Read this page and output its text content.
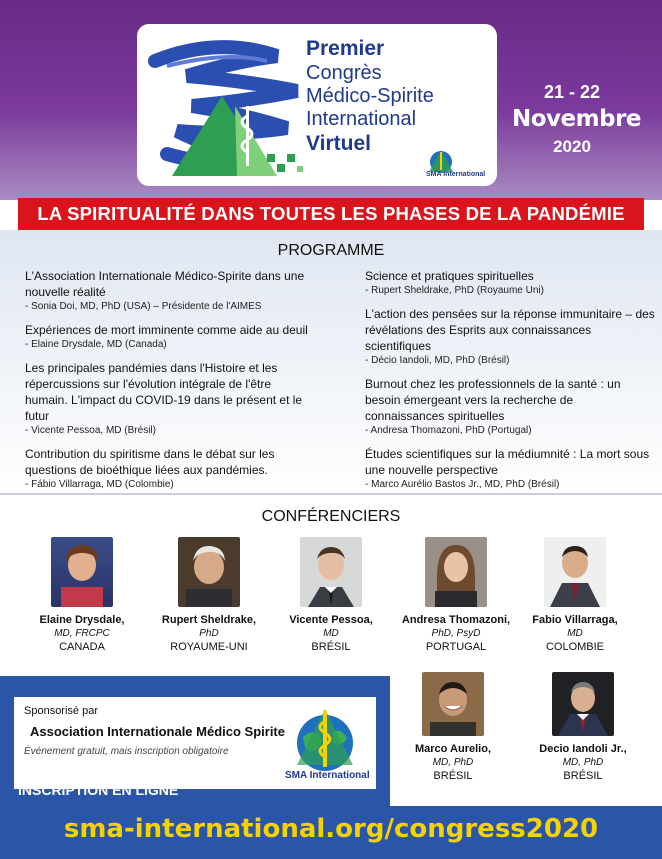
Premier
Congrès
Médico-Spirite
International
Virtuel
SMA International
21 - 22
Novembre
2020
LA SPIRITUALITÉ DANS TOUTES LES PHASES DE LA PANDÉMIE
PROGRAMME
L'Association Internationale Médico-Spirite dans une nouvelle réalité
- Sonia Doi, MD, PhD (USA) – Présidente de l'AIMES
Expériences de mort imminente comme aide au deuil
- Elaine Drysdale, MD (Canada)
Les principales pandémies dans l'Histoire et les répercussions sur l'évolution intégrale de l'être humain. L'impact du COVID-19 dans le présent et le futur
- Vicente Pessoa, MD (Brésil)
Contribution du spiritisme dans le débat sur les questions de bioéthique liées aux pandémies.
- Fábio Villarraga, MD (Colombie)
Science et pratiques spirituelles
- Rupert Sheldrake, PhD (Royaume Uni)
L'action des pensées sur la réponse immunitaire – des révélations des Esprits aux connaissances scientifiques
- Décio Iandoli, MD, PhD (Brésil)
Burnout chez les professionnels de la santé : un besoin émergeant vers la recherche de connaissances spirituelles
- Andresa Thomazoni, PhD (Portugal)
Études scientifiques sur la médiumnité : La mort sous une nouvelle perspective
- Marco Aurélio Bastos Jr., MD, PhD (Brésil)
CONFÉRENCIERS
Elaine Drysdale,
MD, FRCPC
CANADA
Rupert Sheldrake,
PhD
ROYAUME-UNI
Vicente Pessoa,
MD
BRÉSIL
Andresa Thomazoni,
PhD, PsyD
PORTUGAL
Fabio Villarraga,
MD
COLOMBIE
Marco Aurelio,
MD, PhD
BRÉSIL
Decio Iandoli Jr.,
MD, PhD
BRÉSIL
Sponsorisé par
Association Internationale Médico Spirite
Événement gratuit, mais inscription obligatoire
SMA International
INSCRIPTION EN LIGNE
sma-international.org/congress2020
